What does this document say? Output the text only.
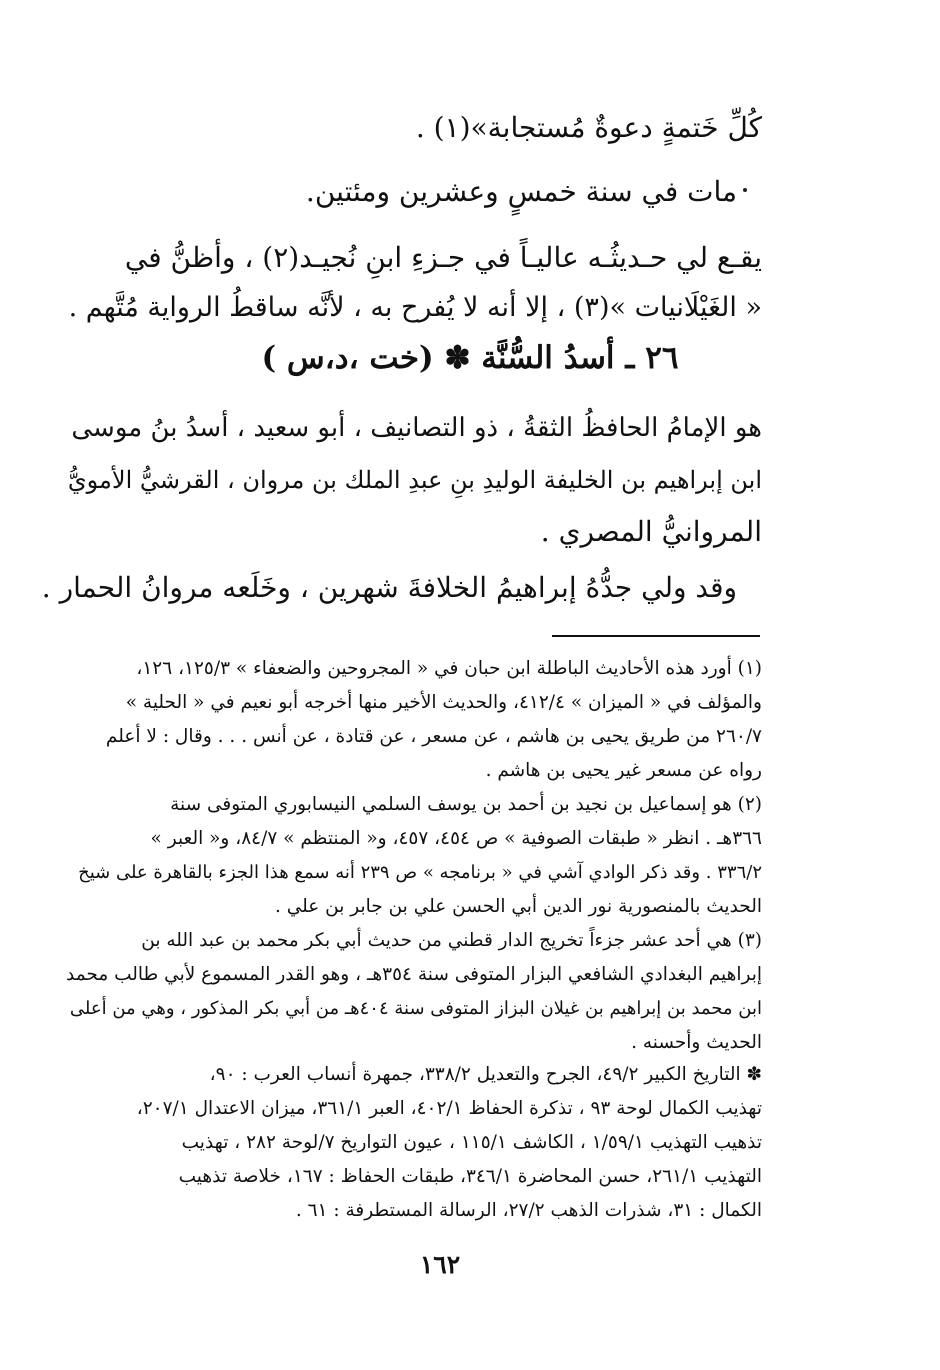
كُلِّ خَتمةٍ دعوةٌ مُستجابة»(١) .
مات في سنة خمسٍ وعشرين ومئتين.
يقـع لي حـديثُـه عاليـاً في جـزءِ ابنِ نُجيـد(٢) ، وأظنُّ في
« الغَيْلَانيات »(٣) ، إلا أنه لا يُفرح به ، لأنَّه ساقطُ الرواية مُتَّهم .
٢٦ ـ أسدُ السُّنَّة ✽ (خت ،د،س )
هو الإمامُ الحافظُ الثقةُ ، ذو التصانيف ، أبو سعيد ، أسدُ بنُ موسى
ابن إبراهيم بن الخليفة الوليدِ بنِ عبدِ الملك بن مروان ، القرشيُّ الأمويُّ
المروانيُّ المصري .
وقد ولي جدُّهُ إبراهيمُ الخلافةَ شهرين ، وخَلَعه مروانُ الحمار .
(١) أورد هذه الأحاديث الباطلة ابن حبان في « المجروحين والضعفاء » ١٢٥/٣، ١٢٦،
والمؤلف في « الميزان » ٤١٢/٤، والحديث الأخير منها أخرجه أبو نعيم في « الحلية »
٢٦٠/٧ من طريق يحيى بن هاشم ، عن مسعر ، عن قتادة ، عن أنس . . . وقال : لا أعلم
رواه عن مسعر غير يحيى بن هاشم .
(٢) هو إسماعيل بن نجيد بن أحمد بن يوسف السلمي النيسابوري المتوفى سنة
٣٦٦هـ . انظر « طبقات الصوفية » ص ٤٥٤، ٤٥٧، و« المنتظم » ٨٤/٧، و« العبر »
٣٣٦/٢ . وقد ذكر الوادي آشي في « برنامجه » ص ٢٣٩ أنه سمع هذا الجزء بالقاهرة على شيخ
الحديث بالمنصورية نور الدين أبي الحسن علي بن جابر بن علي .
(٣) هي أحد عشر جزءاً تخريج الدار قطني من حديث أبي بكر محمد بن عبد الله بن
إبراهيم البغدادي الشافعي البزار المتوفى سنة ٣٥٤هـ ، وهو القدر المسموع لأبي طالب محمد
ابن محمد بن إبراهيم بن غيلان البزاز المتوفى سنة ٤٠٤هـ من أبي بكر المذكور ، وهي من أعلى
الحديث وأحسنه .
✽ التاريخ الكبير ٤٩/٢، الجرح والتعديل ٣٣٨/٢، جمهرة أنساب العرب : ٩٠،
تهذيب الكمال لوحة ٩٣ ، تذكرة الحفاظ ٤٠٢/١، العبر ٣٦١/١، ميزان الاعتدال ٢٠٧/١،
تذهيب التهذيب ١/٥٩/١ ، الكاشف ١١٥/١ ، عيون التواريخ ٧/لوحة ٢٨٢ ، تهذيب
التهذيب ٢٦١/١، حسن المحاضرة ٣٤٦/١، طبقات الحفاظ : ١٦٧، خلاصة تذهيب
الكمال : ٣١، شذرات الذهب ٢٧/٢، الرسالة المستطرفة : ٦١ .
١٦٢
